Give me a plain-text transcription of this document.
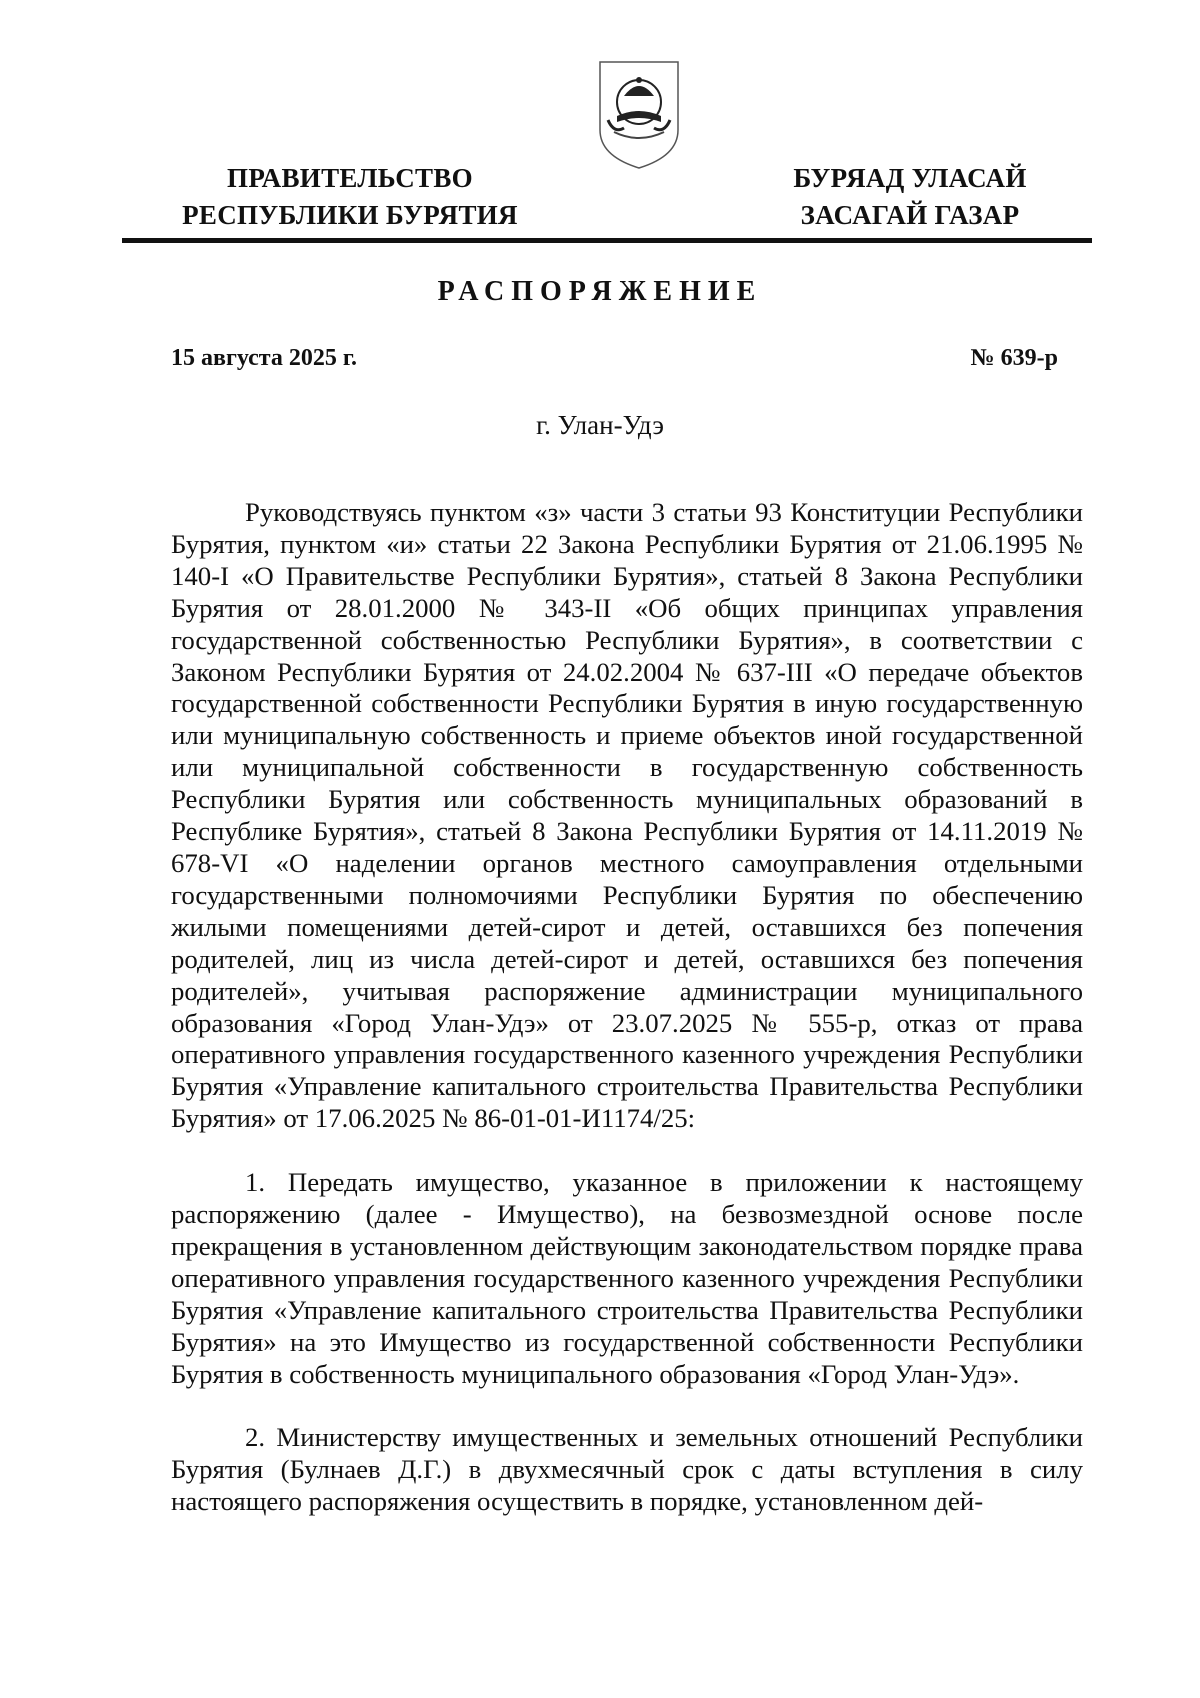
ПРАВИТЕЛЬСТВО
РЕСПУБЛИКИ БУРЯТИЯ
БУРЯАД УЛАСАЙ
ЗАСАГАЙ ГАЗАР
РАСПОРЯЖЕНИЕ
15 августа 2025 г.	№ 639-р
г. Улан-Удэ

Руководствуясь пунктом «з» части 3 статьи 93 Конституции Республики Бурятия, пунктом «и» статьи 22 Закона Республики Бурятия от 21.06.1995 № 140-I «О Правительстве Республики Бурятия», статьей 8 Закона Республики Бурятия от 28.01.2000 № 343-II «Об общих принципах управления государственной собственностью Республики Бурятия», в соответствии с Законом Республики Бурятия от 24.02.2004 № 637-III «О передаче объектов государственной собственности Республики Бурятия в иную государственную или муниципальную собственность и приеме объектов иной государственной или муниципальной собственности в государственную собственность Республики Бурятия или собственность муниципальных образований в Республике Бурятия», статьей 8 Закона Республики Бурятия от 14.11.2019 № 678-VI «О наделении органов местного самоуправления отдельными государственными полномочиями Республики Бурятия по обеспечению жилыми помещениями детей-сирот и детей, оставшихся без попечения родителей, лиц из числа детей-сирот и детей, оставшихся без попечения родителей», учитывая распоряжение администрации муниципального образования «Город Улан-Удэ» от 23.07.2025 № 555-р, отказ от права оперативного управления государственного казенного учреждения Республики Бурятия «Управление капитального строительства Правительства Республики Бурятия» от 17.06.2025 № 86-01-01-И1174/25:

1. Передать имущество, указанное в приложении к настоящему распоряжению (далее - Имущество), на безвозмездной основе после прекращения в установленном действующим законодательством порядке права оперативного управления государственного казенного учреждения Республики Бурятия «Управление капитального строительства Правительства Республики Бурятия» на это Имущество из государственной собственности Республики Бурятия в собственность муниципального образования «Город Улан-Удэ».

2. Министерству имущественных и земельных отношений Республики Бурятия (Булнаев Д.Г.) в двухмесячный срок с даты вступления в силу настоящего распоряжения осуществить в порядке, установленном дей-
